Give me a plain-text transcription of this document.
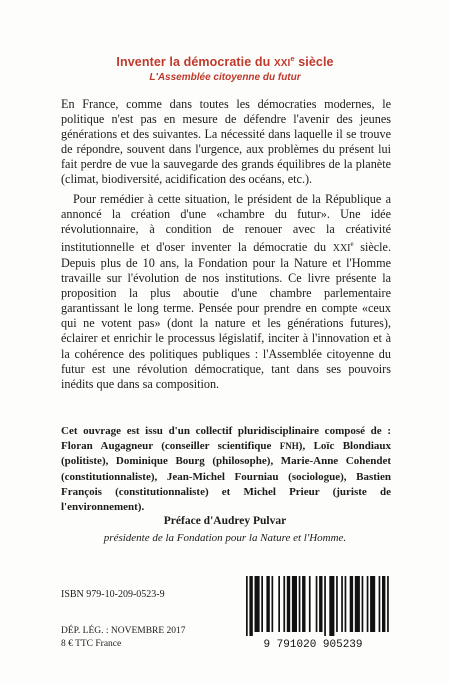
Inventer la démocratie du XXIe siècle
L'Assemblée citoyenne du futur

En France, comme dans toutes les démocraties modernes, le politique n'est pas en mesure de défendre l'avenir des jeunes générations et des suivantes. La nécessité dans laquelle il se trouve de répondre, souvent dans l'urgence, aux problèmes du présent lui fait perdre de vue la sauvegarde des grands équilibres de la planète (climat, biodiversité, acidification des océans, etc.).

Pour remédier à cette situation, le président de la République a annoncé la création d'une «chambre du futur». Une idée révolutionnaire, à condition de renouer avec la créativité institutionnelle et d'oser inventer la démocratie du XXIe siècle. Depuis plus de 10 ans, la Fondation pour la Nature et l'Homme travaille sur l'évolution de nos institutions. Ce livre présente la proposition la plus aboutie d'une chambre parlementaire garantissant le long terme. Pensée pour prendre en compte «ceux qui ne votent pas» (dont la nature et les générations futures), éclairer et enrichir le processus législatif, inciter à l'innovation et à la cohérence des politiques publiques : l'Assemblée citoyenne du futur est une révolution démocratique, tant dans ses pouvoirs inédits que dans sa composition.

Cet ouvrage est issu d'un collectif pluridisciplinaire composé de : Floran Augagneur (conseiller scientifique FNH), Loïc Blondiaux (politiste), Dominique Bourg (philosophe), Marie-Anne Cohendet (constitutionnaliste), Jean-Michel Fourniau (sociologue), Bastien François (constitutionnaliste) et Michel Prieur (juriste de l'environnement).
Préface d'Audrey Pulvar
présidente de la Fondation pour la Nature et l'Homme.
ISBN 979-10-209-0523-9
DÉP. LÉG. : NOVEMBRE 2017
8 € TTC France	9 791020 905239
